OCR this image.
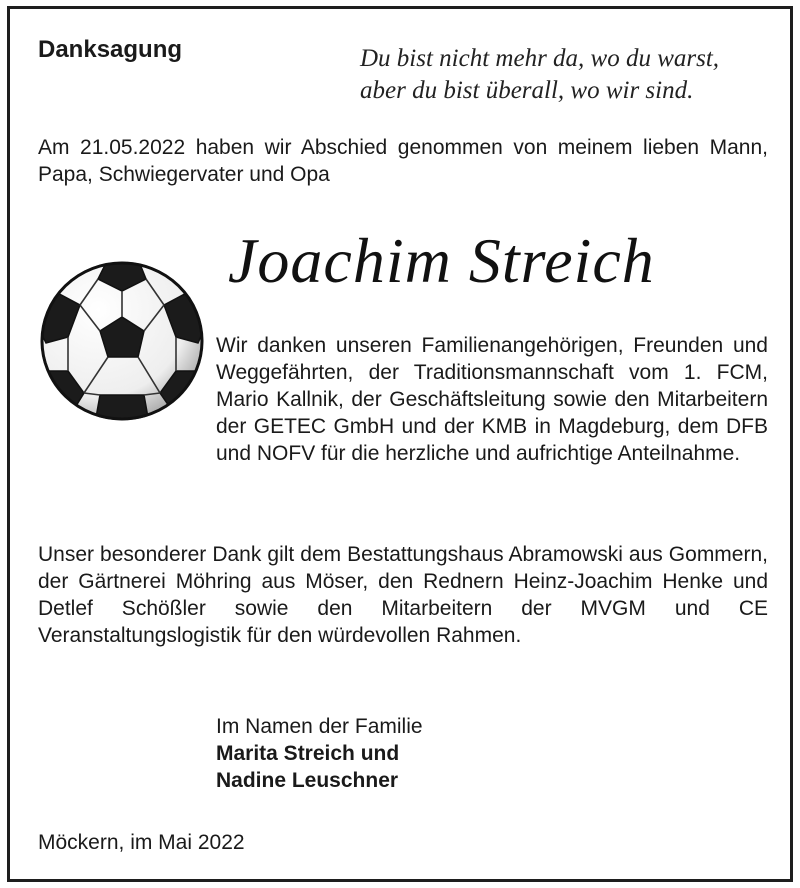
Danksagung	Du bist nicht mehr da, wo du warst,

aber du bist überall, wo wir sind.

Am 21.05.2022 haben wir Abschied genommen von meinem lieben Mann, Papa, Schwiegervater und Opa

Joachim Streich

Wir danken unseren Familienangehörigen, Freunden und Weggefährten, der Traditionsmannschaft vom 1. FCM, Mario Kallnik, der Geschäftsleitung sowie den Mitarbeitern der GETEC GmbH und der KMB in Magdeburg, dem DFB und NOFV für die herzliche und aufrichtige Anteilnahme.

Unser besonderer Dank gilt dem Bestattungshaus Abramowski aus Gommern, der Gärtnerei Möhring aus Möser, den Rednern Heinz-Joachim Henke und Detlef Schößler sowie den Mitarbeitern der MVGM und CE Veranstaltungslogistik für den würdevollen Rahmen.

Im Namen der Familie

Marita Streich und

Nadine Leuschner

Möckern, im Mai 2022
